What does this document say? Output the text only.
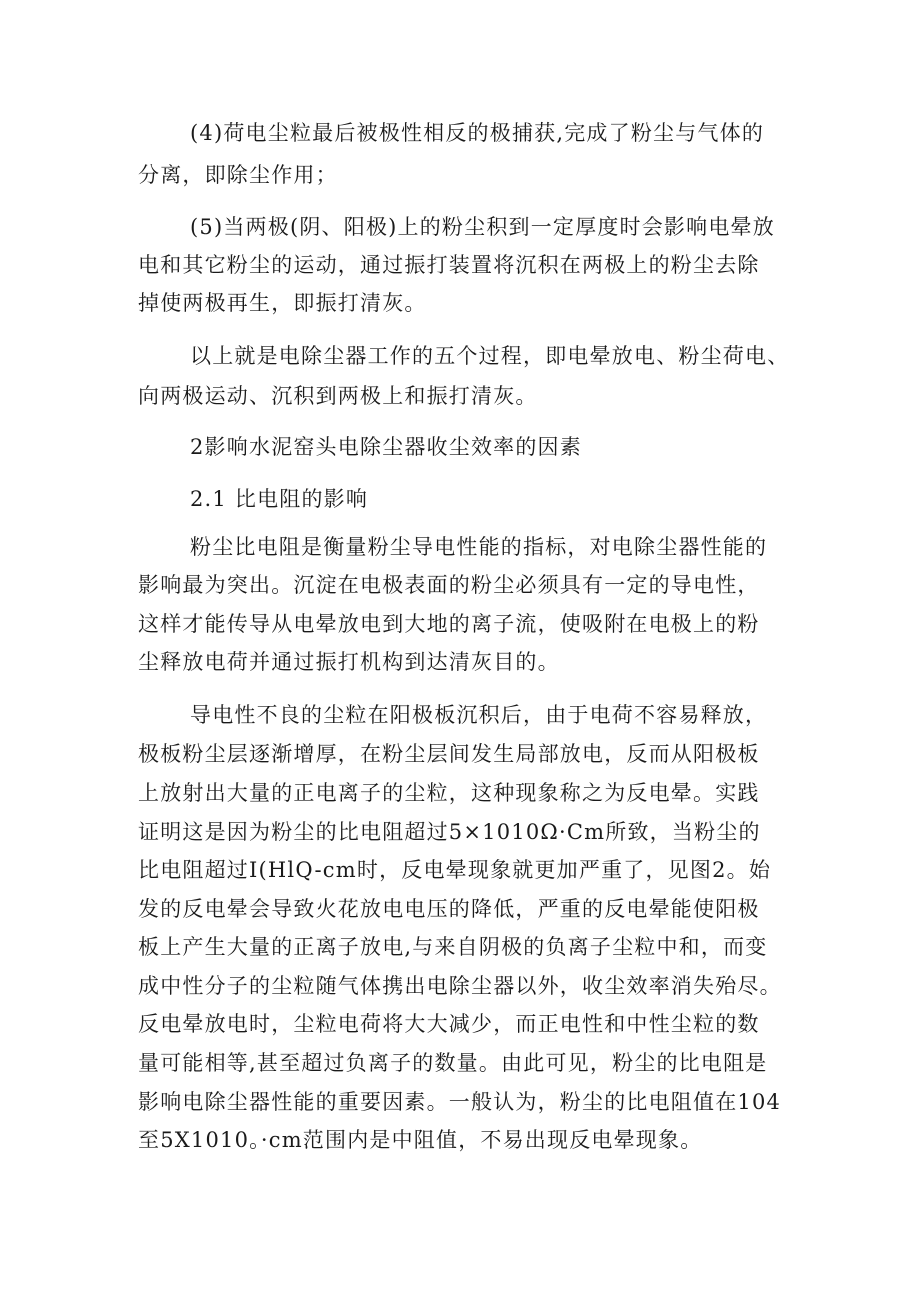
(4)荷电尘粒最后被极性相反的极捕获,完成了粉尘与气体的
分离，即除尘作用；
(5)当两极(阴、阳极)上的粉尘积到一定厚度时会影响电晕放
电和其它粉尘的运动，通过振打装置将沉积在两极上的粉尘去除
掉使两极再生，即振打清灰。
以上就是电除尘器工作的五个过程，即电晕放电、粉尘荷电、
向两极运动、沉积到两极上和振打清灰。
2影响水泥窑头电除尘器收尘效率的因素
2.1 比电阻的影响
粉尘比电阻是衡量粉尘导电性能的指标，对电除尘器性能的
影响最为突出。沉淀在电极表面的粉尘必须具有一定的导电性，
这样才能传导从电晕放电到大地的离子流，使吸附在电极上的粉
尘释放电荷并通过振打机构到达清灰目的。
导电性不良的尘粒在阳极板沉积后，由于电荷不容易释放，
极板粉尘层逐渐增厚，在粉尘层间发生局部放电，反而从阳极板
上放射出大量的正电离子的尘粒，这种现象称之为反电晕。实践
证明这是因为粉尘的比电阻超过5×1010Ω·Cm所致，当粉尘的
比电阻超过I(HlQ-cm时，反电晕现象就更加严重了，见图2。始
发的反电晕会导致火花放电电压的降低，严重的反电晕能使阳极
板上产生大量的正离子放电,与来自阴极的负离子尘粒中和，而变
成中性分子的尘粒随气体携出电除尘器以外，收尘效率消失殆尽。
反电晕放电时，尘粒电荷将大大减少，而正电性和中性尘粒的数
量可能相等,甚至超过负离子的数量。由此可见，粉尘的比电阻是
影响电除尘器性能的重要因素。一般认为，粉尘的比电阻值在104
至5X1010。·cm范围内是中阻值，不易出现反电晕现象。
